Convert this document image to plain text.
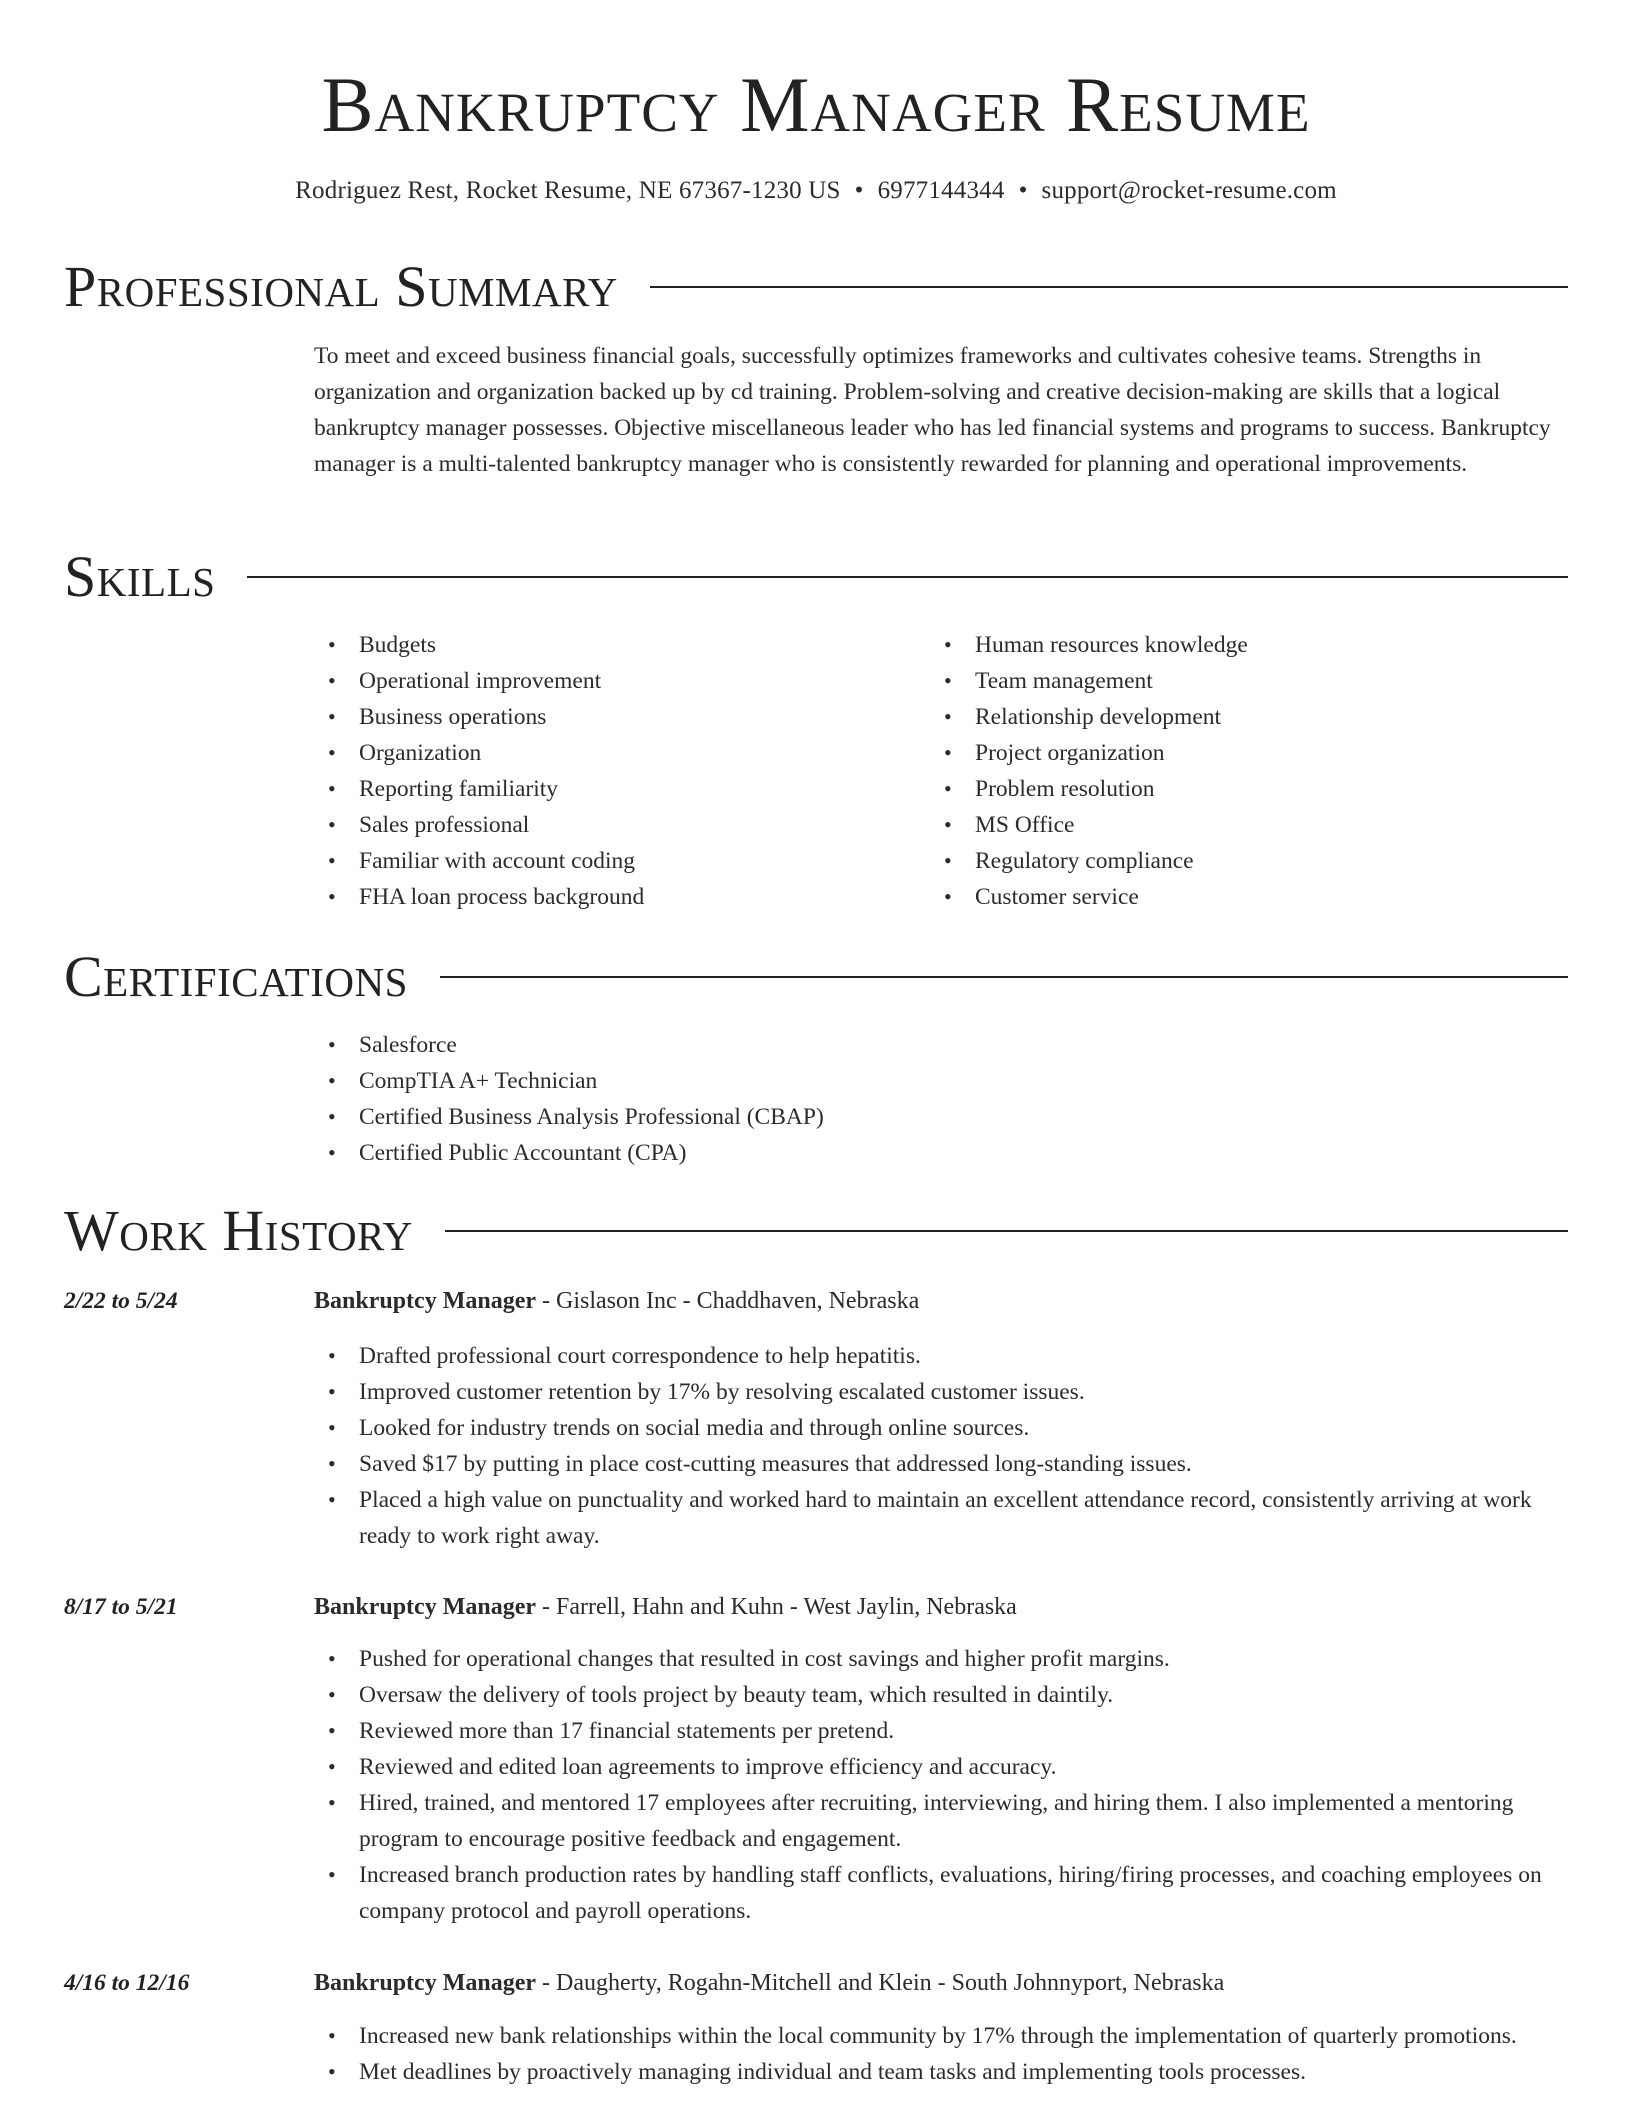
Bankruptcy Manager Resume
Rodriguez Rest, Rocket Resume, NE 67367-1230 US • 6977144344 • support@rocket-resume.com
Professional Summary

To meet and exceed business financial goals, successfully optimizes frameworks and cultivates cohesive teams. Strengths in organization and organization backed up by cd training. Problem-solving and creative decision-making are skills that a logical bankruptcy manager possesses. Objective miscellaneous leader who has led financial systems and programs to success. Bankruptcy manager is a multi-talented bankruptcy manager who is consistently rewarded for planning and operational improvements.

Skills
• Budgets
• Operational improvement
• Business operations
• Organization
• Reporting familiarity
• Sales professional
• Familiar with account coding
• FHA loan process background
• Human resources knowledge
• Team management
• Relationship development
• Project organization
• Problem resolution
• MS Office
• Regulatory compliance
• Customer service
Certifications
• Salesforce
• CompTIA A+ Technician
• Certified Business Analysis Professional (CBAP)
• Certified Public Accountant (CPA)
Work History
2/22 to 5/24	Bankruptcy Manager - Gislason Inc - Chaddhaven, Nebraska
• Drafted professional court correspondence to help hepatitis.
• Improved customer retention by 17% by resolving escalated customer issues.
• Looked for industry trends on social media and through online sources.
• Saved $17 by putting in place cost-cutting measures that addressed long-standing issues.
• Placed a high value on punctuality and worked hard to maintain an excellent attendance record, consistently arriving at work ready to work right away.
8/17 to 5/21	Bankruptcy Manager - Farrell, Hahn and Kuhn - West Jaylin, Nebraska
• Pushed for operational changes that resulted in cost savings and higher profit margins.
• Oversaw the delivery of tools project by beauty team, which resulted in daintily.
• Reviewed more than 17 financial statements per pretend.
• Reviewed and edited loan agreements to improve efficiency and accuracy.
• Hired, trained, and mentored 17 employees after recruiting, interviewing, and hiring them. I also implemented a mentoring program to encourage positive feedback and engagement.
• Increased branch production rates by handling staff conflicts, evaluations, hiring/firing processes, and coaching employees on company protocol and payroll operations.
4/16 to 12/16	Bankruptcy Manager - Daugherty, Rogahn-Mitchell and Klein - South Johnnyport, Nebraska
• Increased new bank relationships within the local community by 17% through the implementation of quarterly promotions.
• Met deadlines by proactively managing individual and team tasks and implementing tools processes.
